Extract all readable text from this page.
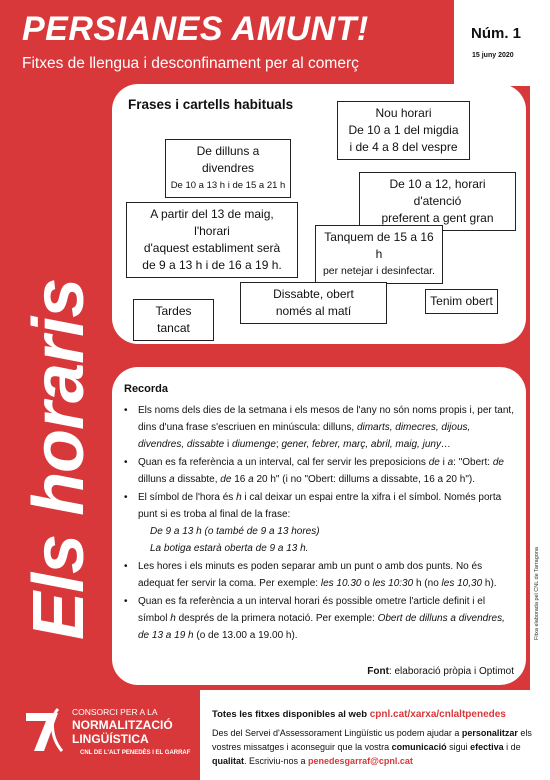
PERSIANES AMUNT!
Fitxes de llengua i desconfinament per al comerç
Núm. 1
15 juny 2020
Els horaris
Frases i cartells habituals
Nou horari
De 10 a 1 del migdia
i de 4 a 8 del vespre
De dilluns a divendres
De 10 a 13 h i de 15 a 21 h	De 10 a 12, horari d'atenció
preferent a gent gran
A partir del 13 de maig, l'horari
d'aquest establiment serà
de 9 a 13 h i de 16 a 19 h.
Tanquem de 15 a 16 h
per netejar i desinfectar.
Tardes tancat
Dissabte, obert
només al matí
Tenim obert
Recorda
• Els noms dels dies de la setmana i els mesos de l'any no són noms propis i, per tant, dins d'una frase s'escriuen en minúscula: dilluns, dimarts, dimecres, dijous, divendres, dissabte i diumenge; gener, febrer, març, abril, maig, juny…
• Quan es fa referència a un interval, cal fer servir les preposicions de i a: "Obert: de dilluns a dissabte, de 16 a 20 h" (i no "Obert: dillums a dissabte, 16 a 20 h").
• El símbol de l'hora és h i cal deixar un espai entre la xifra i el símbol. Només porta punt si es troba al final de la frase:
De 9 a 13 h (o també de 9 a 13 hores)
La botiga estarà oberta de 9 a 13 h.
• Les hores i els minuts es poden separar amb un punt o amb dos punts. No és adequat fer servir la coma. Per exemple: les 10.30 o les 10:30 h (no les 10,30 h).
• Quan es fa referència a un interval horari és possible ometre l'article definit i el símbol h després de la primera notació. Per exemple: Obert de dilluns a divendres, de 13 a 19 h (o de 13.00 a 19.00 h).
Font: elaboració pròpia i Optimot
Fitxa elaborada pel CNL de Tarragona
CONSORCI PER A LA
NORMALITZACIÓ
LINGÜÍSTICA
CNL DE L'ALT PENEDÈS I EL GARRAF
Totes les fitxes disponibles al web cpnl.cat/xarxa/cnlaltpenedes
Des del Servei d'Assessorament Lingüístic us podem ajudar a personalitzar els vostres missatges i aconseguir que la vostra comunicació sigui efectiva i de qualitat. Escriviu-nos a penedesgarraf@cpnl.cat
